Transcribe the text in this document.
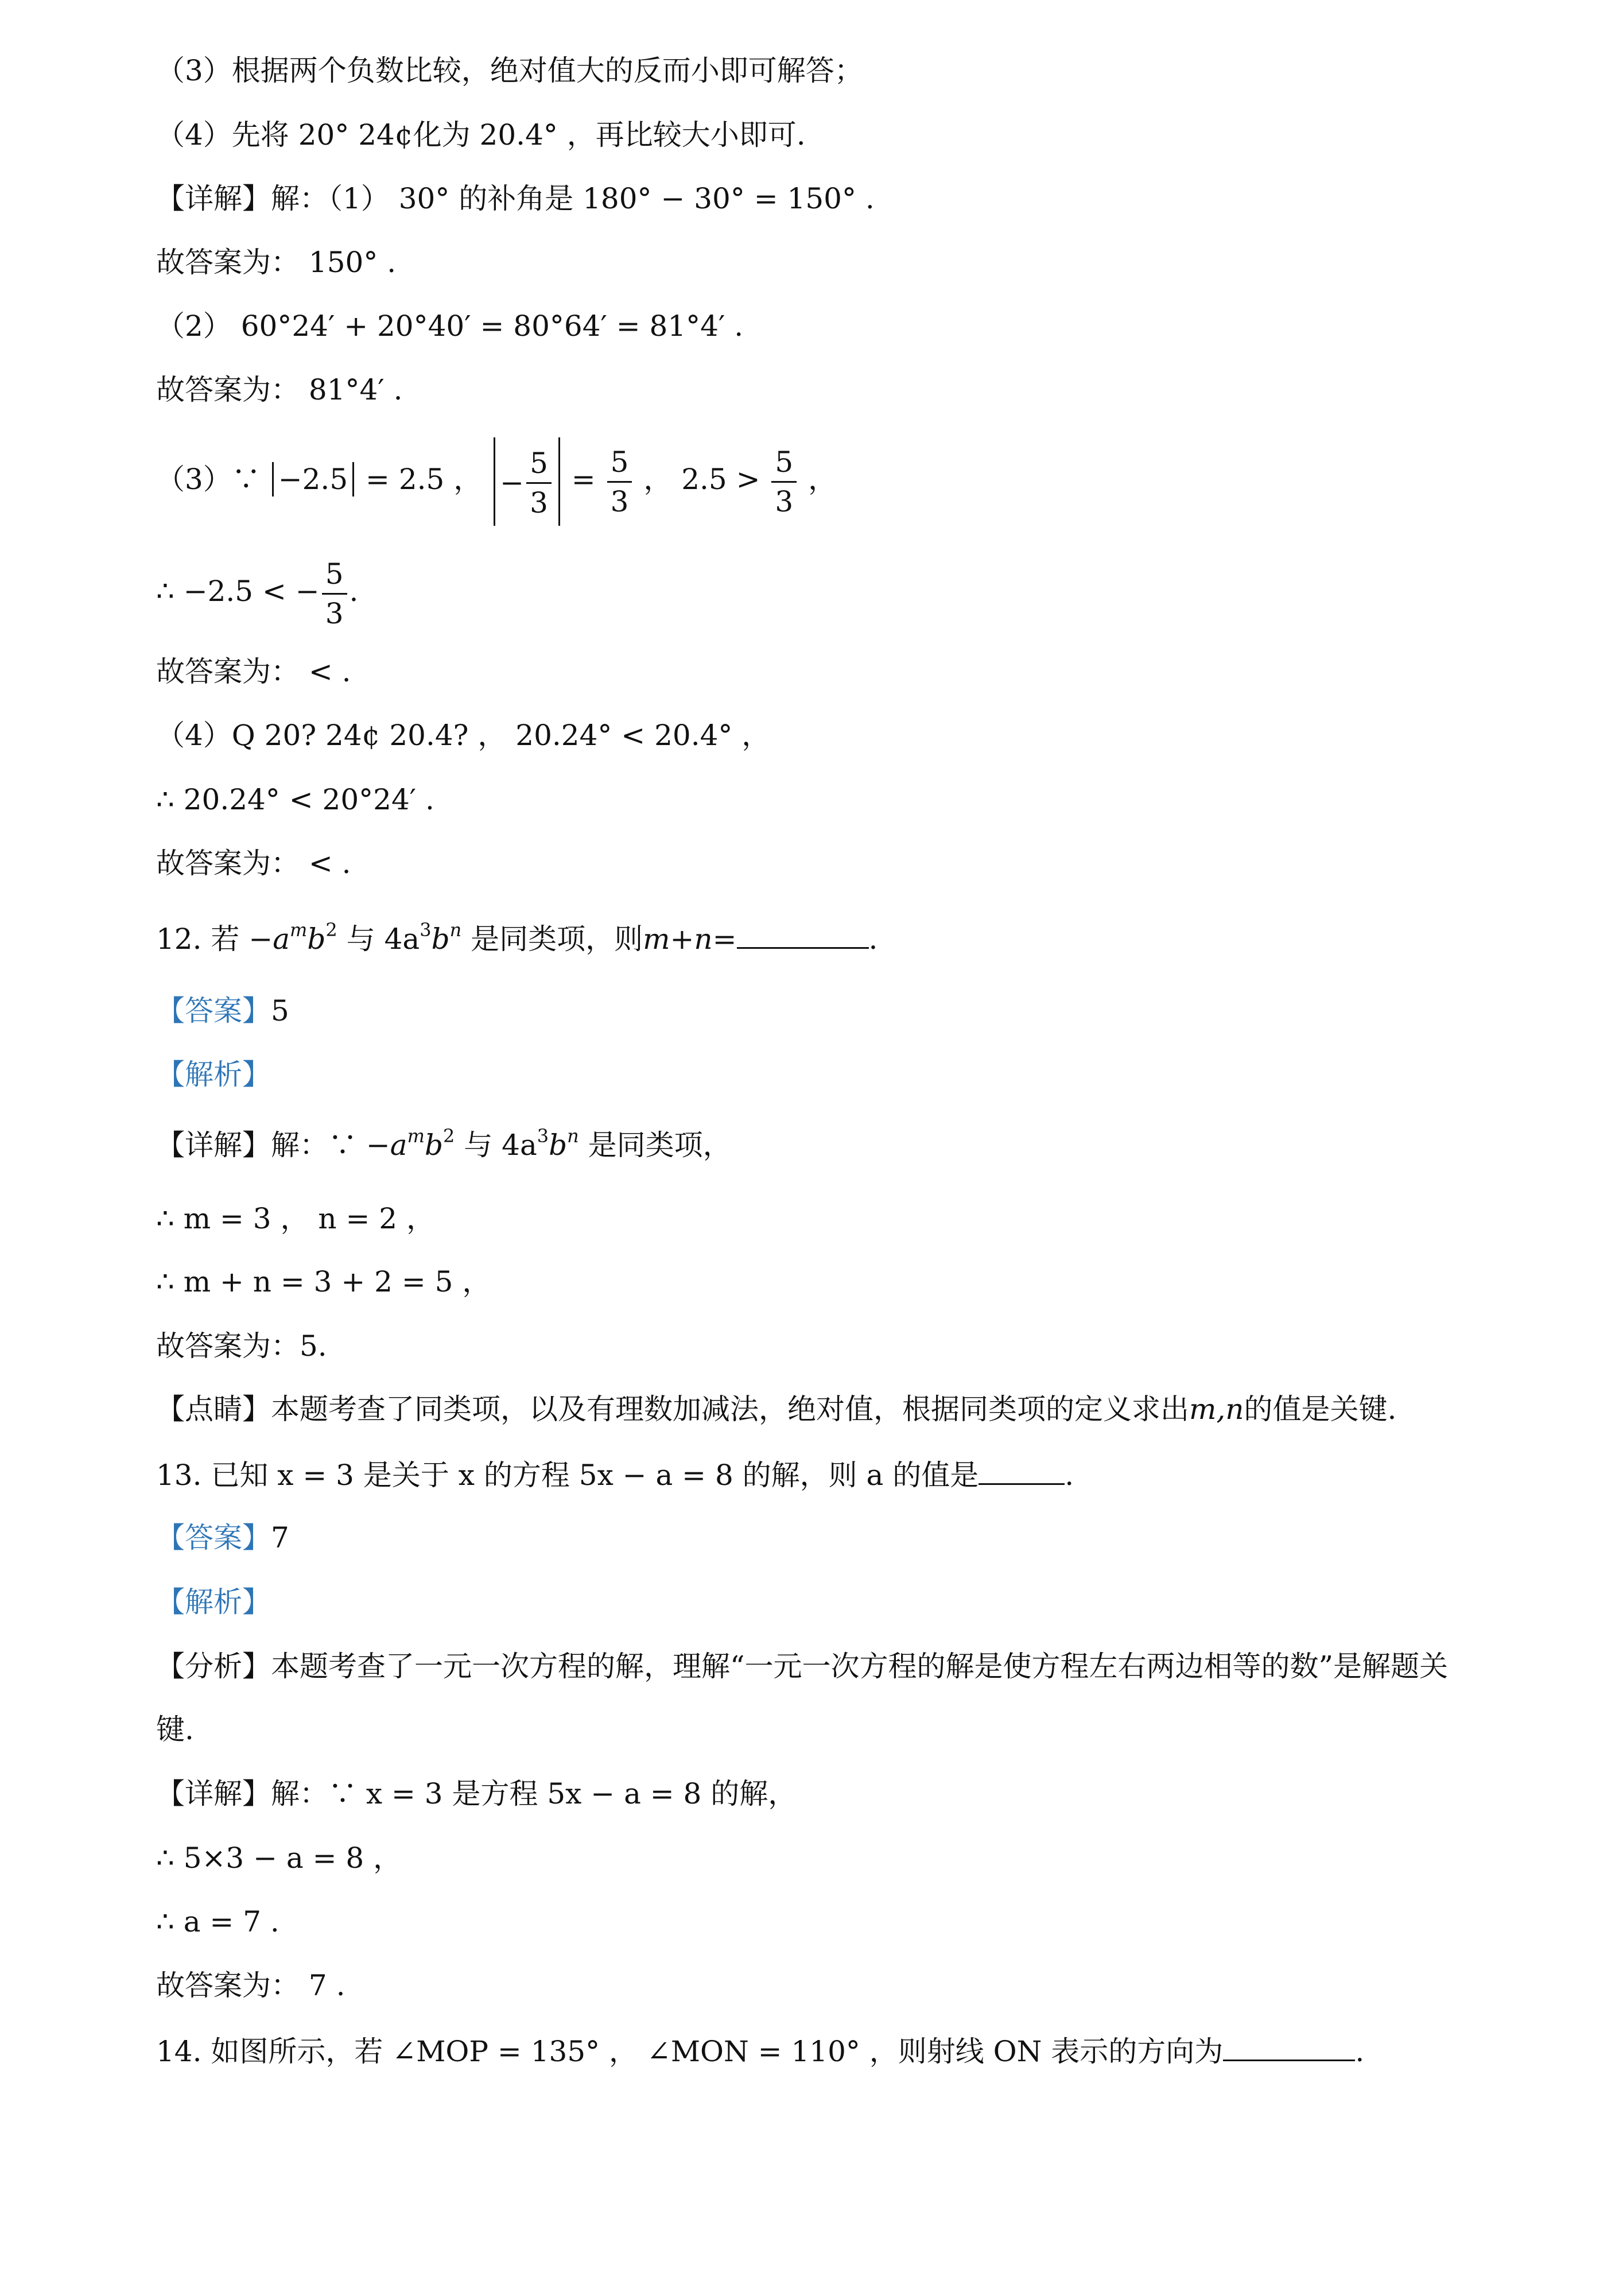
（3）根据两个负数比较，绝对值大的反而小即可解答；
（4）先将 20° 24¢化为 20.4° ，再比较大小即可.
【详解】解：（1） 30° 的补角是 180° − 30° = 150° .
故答案为： 150° .
（2） 60°24′ + 20°40′ = 80°64′ = 81°4′ .
故答案为： 81°4′ .
（3）∵ −2.5 = 2.5 ， − $\frac{5}{3} = \frac{5}{3}$ ， $2.5 > \frac{5}{3}$ ，
∴ −2.5 < − $\frac{5}{3}$ .
故答案为： < .
（4）Q 20? 24¢ 20.4? ， 20.24° < 20.4° ，
∴ 20.24° < 20°24′ .
故答案为： < .
12. 若 $-a^mb^2$ 与 $4a^3b^n$ 是同类项，则m+n=	.
【答案】5
【解析】
【详解】解：∵ $-a^mb^2$ 与 $4a^3b^n$ 是同类项，
∴ m = 3 ， n = 2 ，
∴ m + n = 3 + 2 = 5 ，
故答案为：5.
【点睛】本题考查了同类项，以及有理数加减法，绝对值，根据同类项的定义求出m,n的值是关键.
13. 已知 x = 3 是关于 x 的方程 5x − a = 8 的解，则 a 的值是	.
【答案】7
【解析】
【分析】本题考查了一元一次方程的解，理解“一元一次方程的解是使方程左右两边相等的数”是解题关
键.
【详解】解：∵ x = 3 是方程 5x − a = 8 的解，
∴ 5×3 − a = 8 ，
∴ a = 7 .
故答案为： 7 .
14. 如图所示，若 ∠MOP = 135° ， ∠MON = 110° ，则射线 ON 表示的方向为	.
